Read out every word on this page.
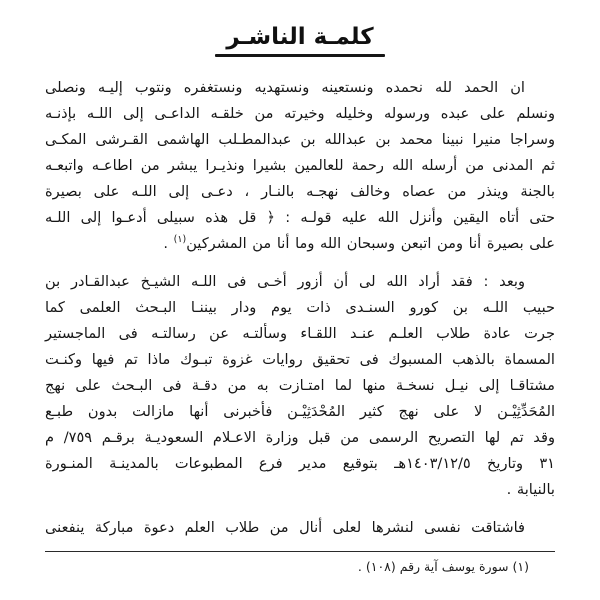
كلمـة الناشـر
ان الحمد لله نحمده ونستعينه ونستهديه ونستغفره ونتوب إليـه ونصلى
ونسلم على عبده ورسوله وخليله وخيرته من خلقـه الداعـى إلى اللـه بإذنـه
وسراجا منيرا نبينا محمد بن عبدالله بن عبدالمطـلب الهاشمى القـرشى المكـى
ثم المدنى من أرسله الله رحمة للعالمين بشيرا ونذيـرا يبشر من اطاعـه واتبعـه
بالجنة وينذر من عصاه وخالف نهجـه بالنـار ، دعـى إلى اللـه على بصيرة
حتى أتاه اليقين وأنزل الله عليه قولـه : ﴿ قل هذه سبيلى أدعـوا إلى اللـه
على بصيرة أنا ومن اتبعن وسبحان الله وما أنا من المشركين$^{(١)}$ .
وبعد : فقد أراد الله لى أن أزور أخـى فى اللـه الشيـخ عبدالقـادر بن
حبيب اللـه بن كورو السنـدى ذات يوم ودار بيننـا البـحث العلمى كما
جرت عادة طلاب العلـم عنـد اللقـاء وسألتـه عن رسالتـه فى الماجستير
المسماة بالذهب المسبوك فى تحقيق روايات غزوة تبـوك ماذا تم فيها وكنـت
مشتاقـا إلى نيـل نسخـة منها لما امتـازت به من دقـة فى البـحث على نهج
المُحَدِّثِيْـن لا على نهج كثير المُحْدَثِيْـن فأخبرنى أنها مازالت بدون طبـع
وقد تم لها التصريح الرسمى من قبل وزارة الاعـلام السعوديـة برقـم ٧٥٩/ م
٣١ وتاريخ ١٤٠٣/١٢/٥هـ بتوقيع مدير فرع المطبوعات بالمدينـة المنـورة
بالنيابة .
فاشتاقت نفسى لنشرها لعلى أنال من طلاب العلم دعوة مباركة ينفعنى
(١) سورة يوسف آية رقم (١٠٨) .
